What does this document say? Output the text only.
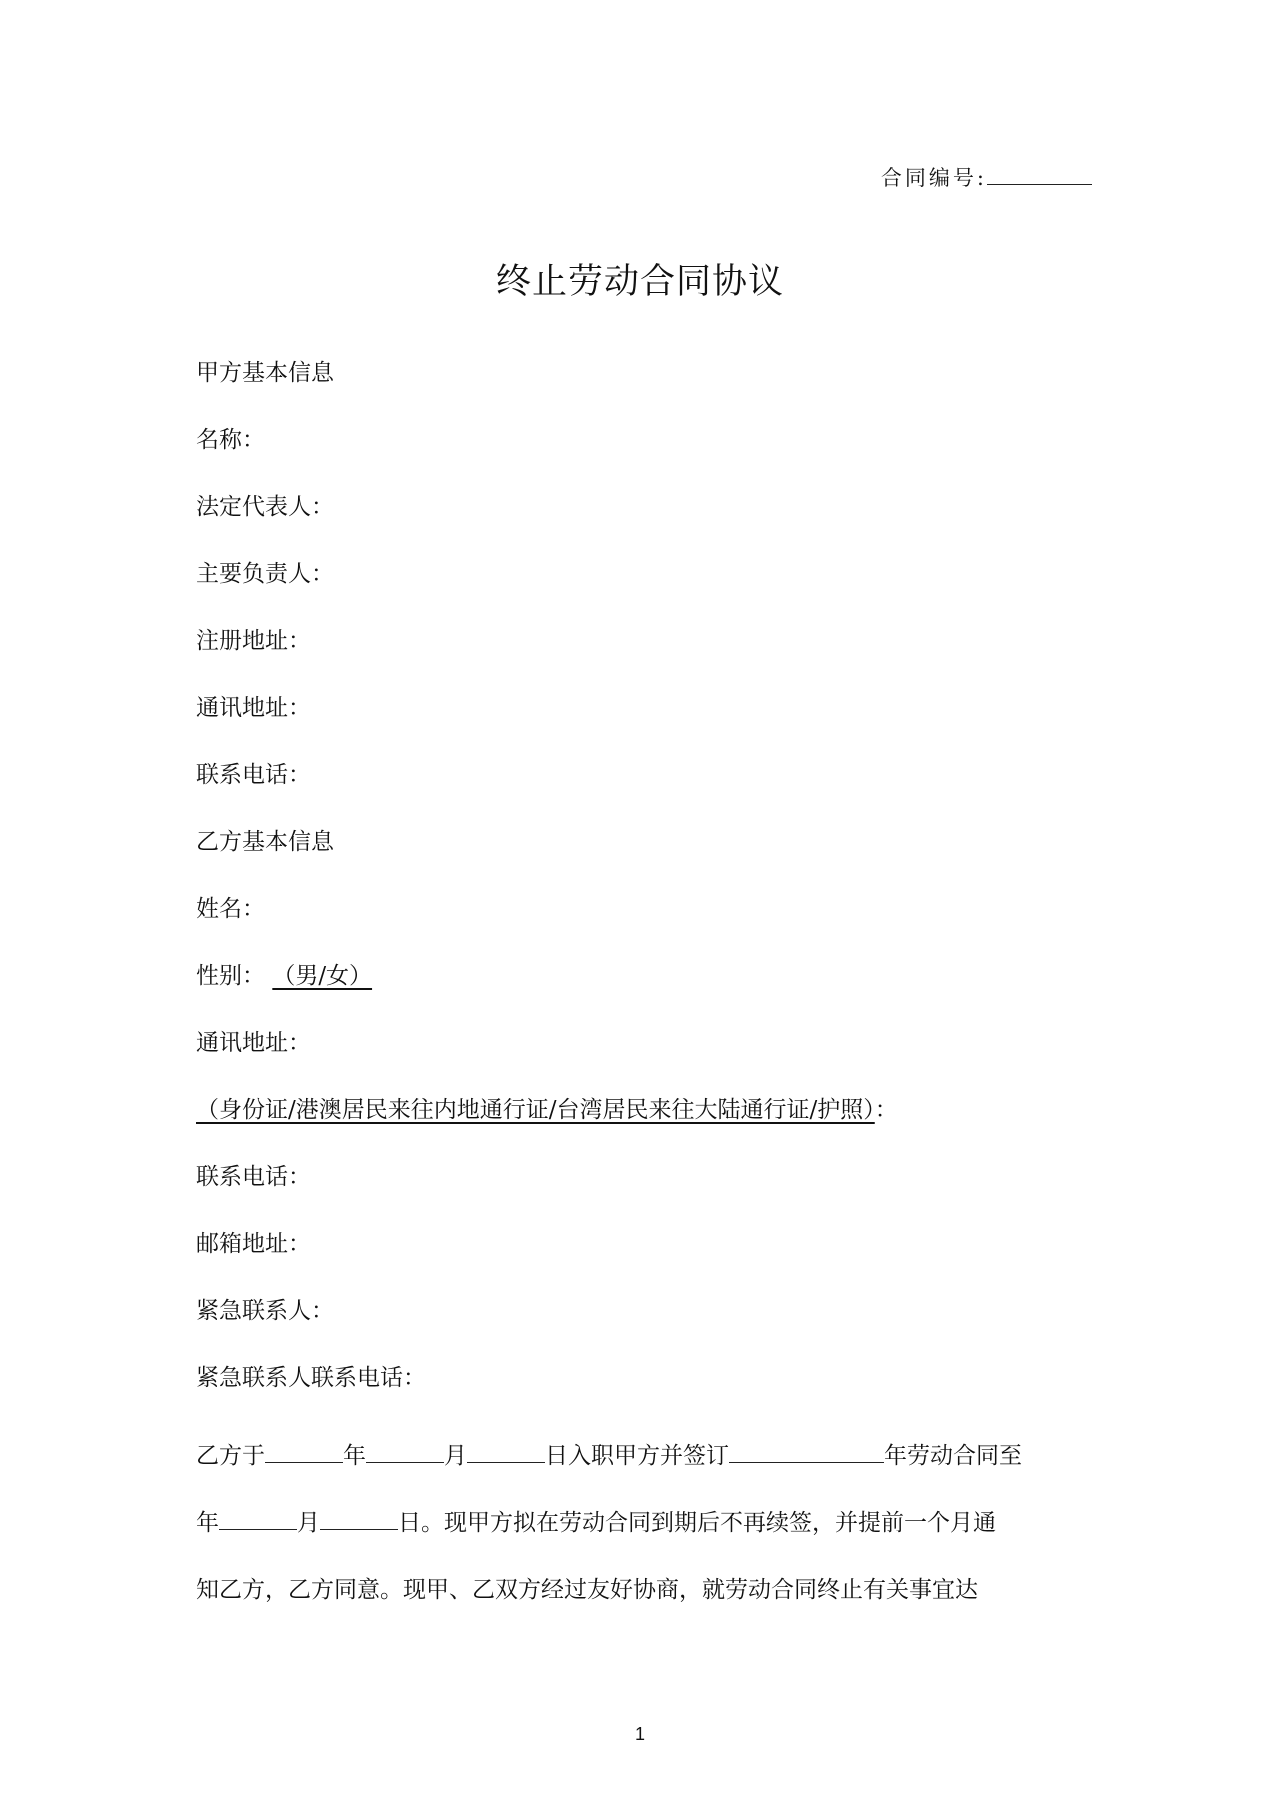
合同编号:
终止劳动合同协议
甲方基本信息
名称：
法定代表人：
主要负责人：
注册地址：
通讯地址：
联系电话：
乙方基本信息
姓名：
性别： （男/女）
通讯地址：
（身份证/港澳居民来往内地通行证/台湾居民来往大陆通行证/护照）：
联系电话：
邮箱地址：
紧急联系人：
紧急联系人联系电话：
乙方于	年	月	日入职甲方并签订	年劳动合同至
年	月	日。现甲方拟在劳动合同到期后不再续签，并提前一个月通
知乙方，乙方同意。现甲、乙双方经过友好协商，就劳动合同终止有关事宜达
1
